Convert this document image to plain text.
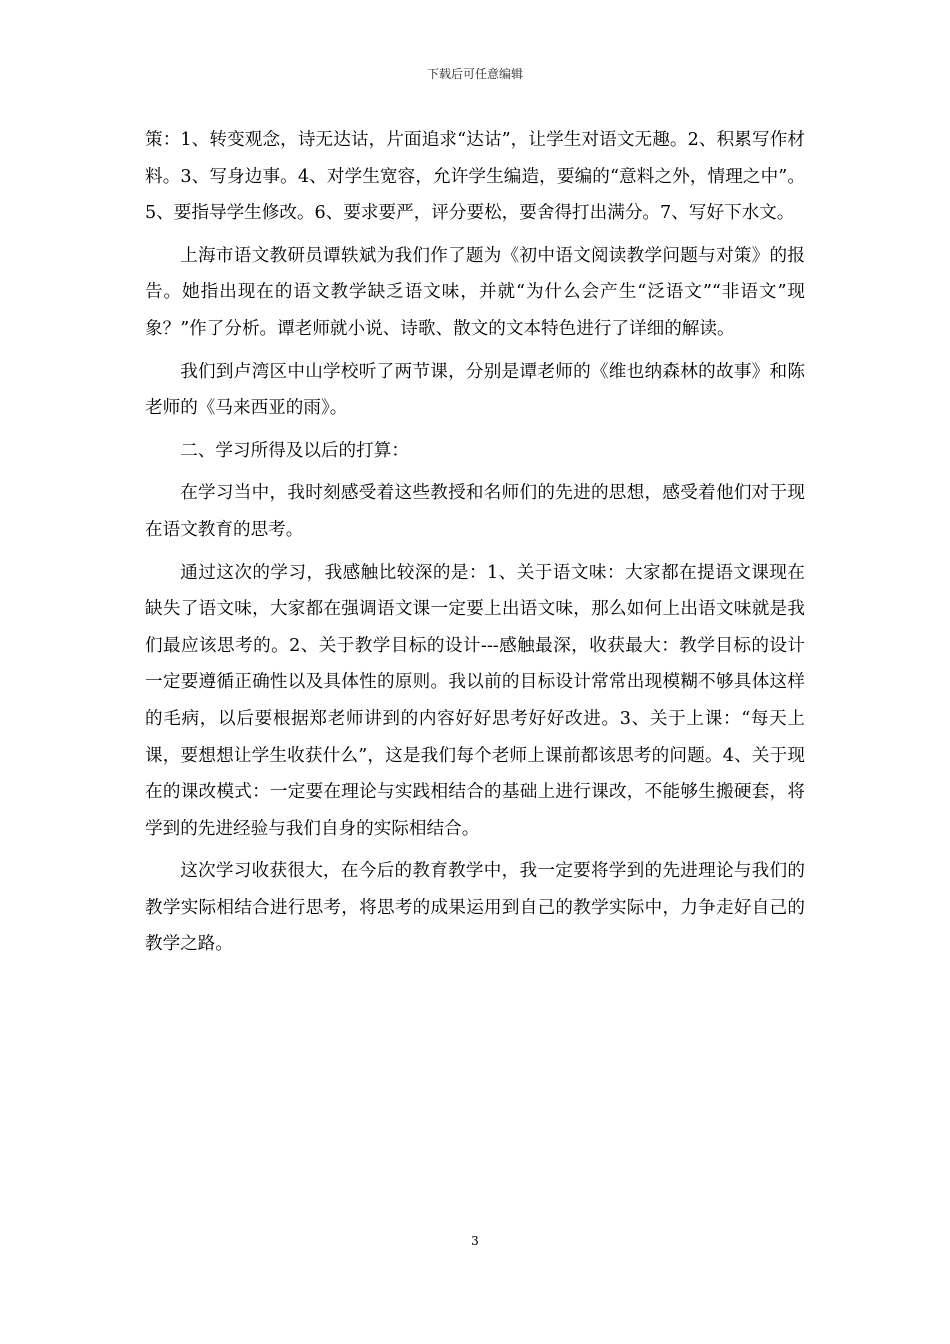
下载后可任意编辑

策：1、转变观念，诗无达诂，片面追求“达诂”，让学生对语文无趣。2、积累写作材料。3、写身边事。4、对学生宽容，允许学生编造，要编的“意料之外，情理之中”。5、要指导学生修改。6、要求要严，评分要松，要舍得打出满分。7、写好下水文。

上海市语文教研员谭轶斌为我们作了题为《初中语文阅读教学问题与对策》的报告。她指出现在的语文教学缺乏语文味，并就“为什么会产生“泛语文”“非语文”现象？”作了分析。谭老师就小说、诗歌、散文的文本特色进行了详细的解读。

我们到卢湾区中山学校听了两节课，分别是谭老师的《维也纳森林的故事》和陈老师的《马来西亚的雨》。

二、学习所得及以后的打算：

在学习当中，我时刻感受着这些教授和名师们的先进的思想，感受着他们对于现在语文教育的思考。

通过这次的学习，我感触比较深的是：1、关于语文味：大家都在提语文课现在缺失了语文味，大家都在强调语文课一定要上出语文味，那么如何上出语文味就是我们最应该思考的。2、关于教学目标的设计---感触最深，收获最大：教学目标的设计一定要遵循正确性以及具体性的原则。我以前的目标设计常常出现模糊不够具体这样的毛病，以后要根据郑老师讲到的内容好好思考好好改进。3、关于上课：“每天上课，要想想让学生收获什么”，这是我们每个老师上课前都该思考的问题。4、关于现在的课改模式：一定要在理论与实践相结合的基础上进行课改，不能够生搬硬套，将学到的先进经验与我们自身的实际相结合。

这次学习收获很大，在今后的教育教学中，我一定要将学到的先进理论与我们的教学实际相结合进行思考，将思考的成果运用到自己的教学实际中，力争走好自己的教学之路。

3
